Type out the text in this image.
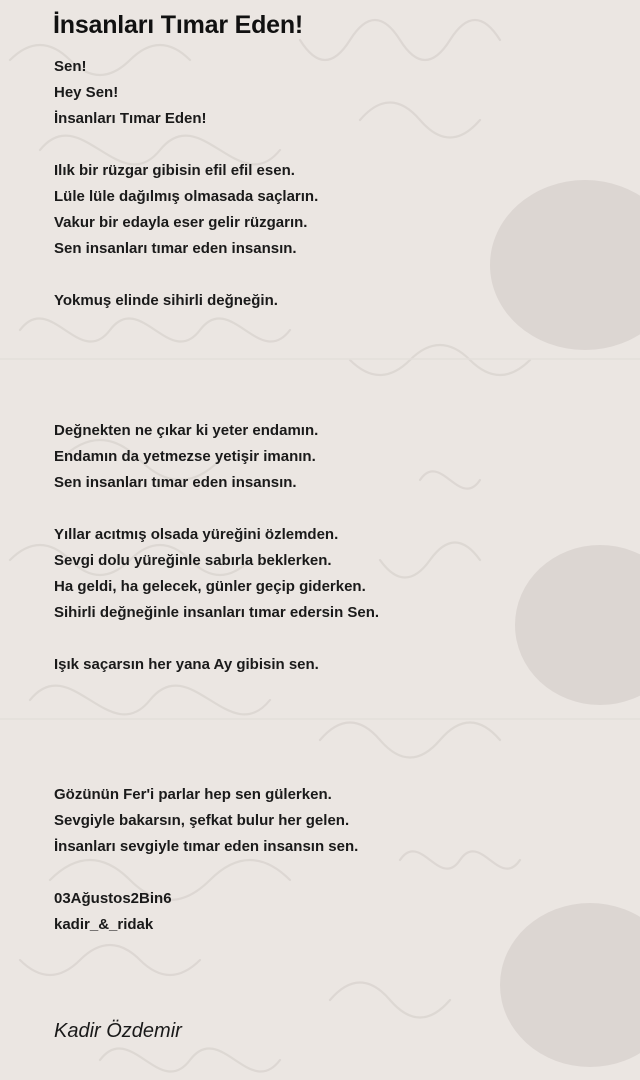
İnsanları Tımar Eden!
Sen!
Hey Sen!
İnsanları Tımar Eden!
Ilık bir rüzgar gibisin efil efil esen.
Lüle lüle dağılmış olmasada saçların.
Vakur bir edayla eser gelir rüzgarın.
Sen insanları tımar eden insansın.
Yokmuş elinde sihirli değneğin.
Değnekten ne çıkar ki yeter endamın.
Endamın da yetmezse yetişir imanın.
Sen insanları tımar eden insansın.
Yıllar acıtmış olsada yüreğini özlemden.
Sevgi dolu yüreğinle sabırla beklerken.
Ha geldi, ha gelecek, günler geçip giderken.
Sihirli değneğinle insanları tımar edersin Sen.
Işık saçarsın her yana Ay gibisin sen.
Gözünün Fer'i parlar hep sen gülerken.
Sevgiyle bakarsın, şefkat bulur her gelen.
İnsanları sevgiyle tımar eden insansın sen.
03Ağustos2Bin6
kadir_&_ridak
Kadir Özdemir
